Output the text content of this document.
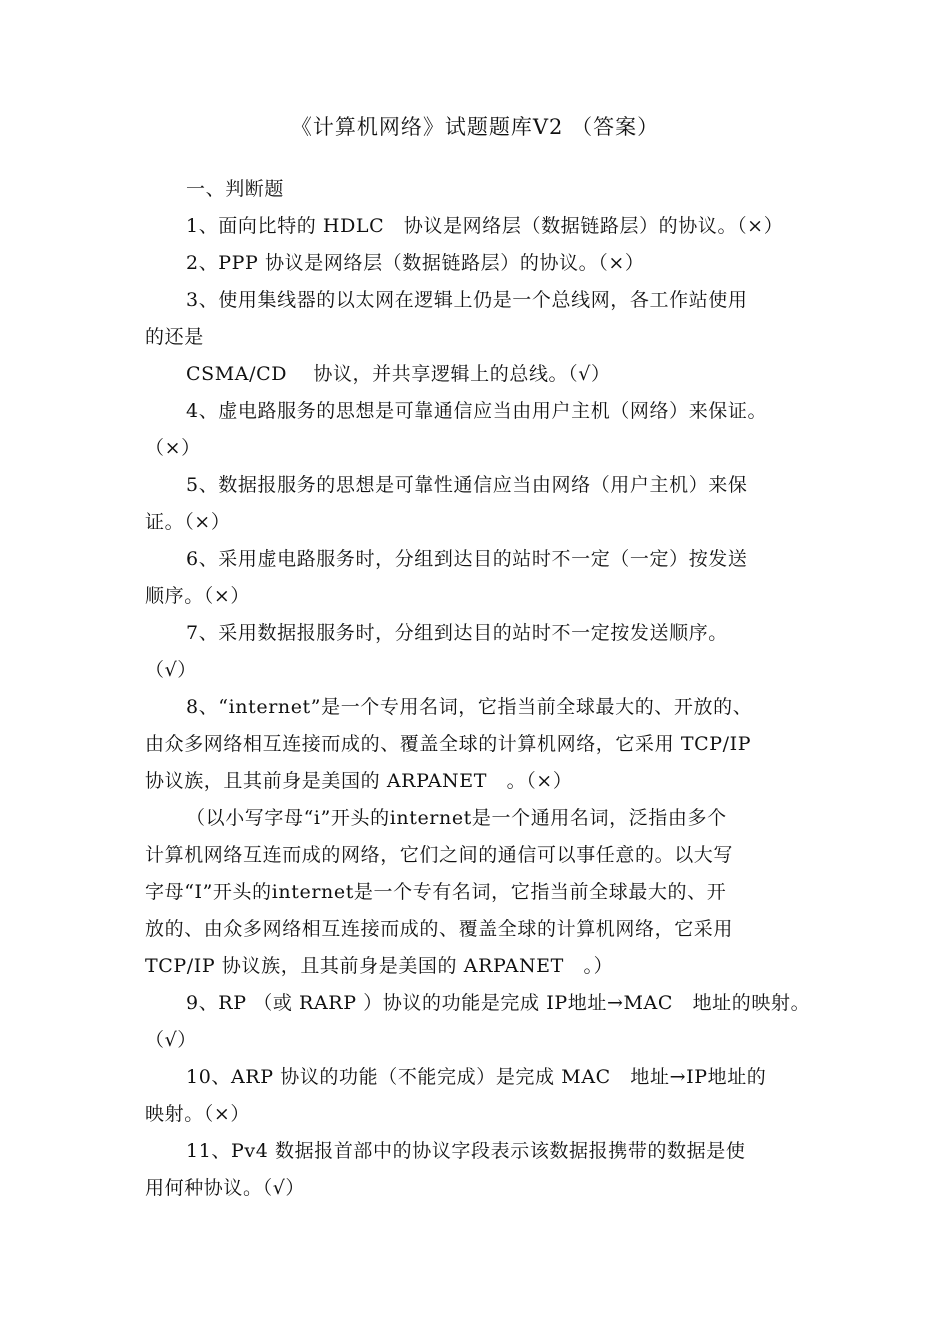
《计算机网络》试题题库V2 （答案）
一、判断题
1、面向比特的 HDLC　协议是网络层（数据链路层）的协议。（×）
2、PPP 协议是网络层（数据链路层）的协议。（×）
3、使用集线器的以太网在逻辑上仍是一个总线网，各工作站使用
的还是
CSMA/CD　 协议，并共享逻辑上的总线。（√）
4、虚电路服务的思想是可靠通信应当由用户主机（网络）来保证。
（×）
5、数据报服务的思想是可靠性通信应当由网络（用户主机）来保
证。（×）
6、采用虚电路服务时，分组到达目的站时不一定（一定）按发送
顺序。（×）
7、采用数据报服务时，分组到达目的站时不一定按发送顺序。
（√）
8、“internet”是一个专用名词，它指当前全球最大的、开放的、
由众多网络相互连接而成的、覆盖全球的计算机网络，它采用 TCP/IP
协议族，且其前身是美国的 ARPANET　。（×）
（以小写字母“i”开头的internet是一个通用名词，泛指由多个
计算机网络互连而成的网络，它们之间的通信可以事任意的。以大写
字母“I”开头的internet是一个专有名词，它指当前全球最大的、开
放的、由众多网络相互连接而成的、覆盖全球的计算机网络，它采用
TCP/IP 协议族，且其前身是美国的 ARPANET　。）
9、RP （或 RARP ）协议的功能是完成 IP地址→MAC　地址的映射。
（√）
10、ARP 协议的功能（不能完成）是完成 MAC　地址→IP地址的
映射。（×）
11、Pv4 数据报首部中的协议字段表示该数据报携带的数据是使
用何种协议。（√）
